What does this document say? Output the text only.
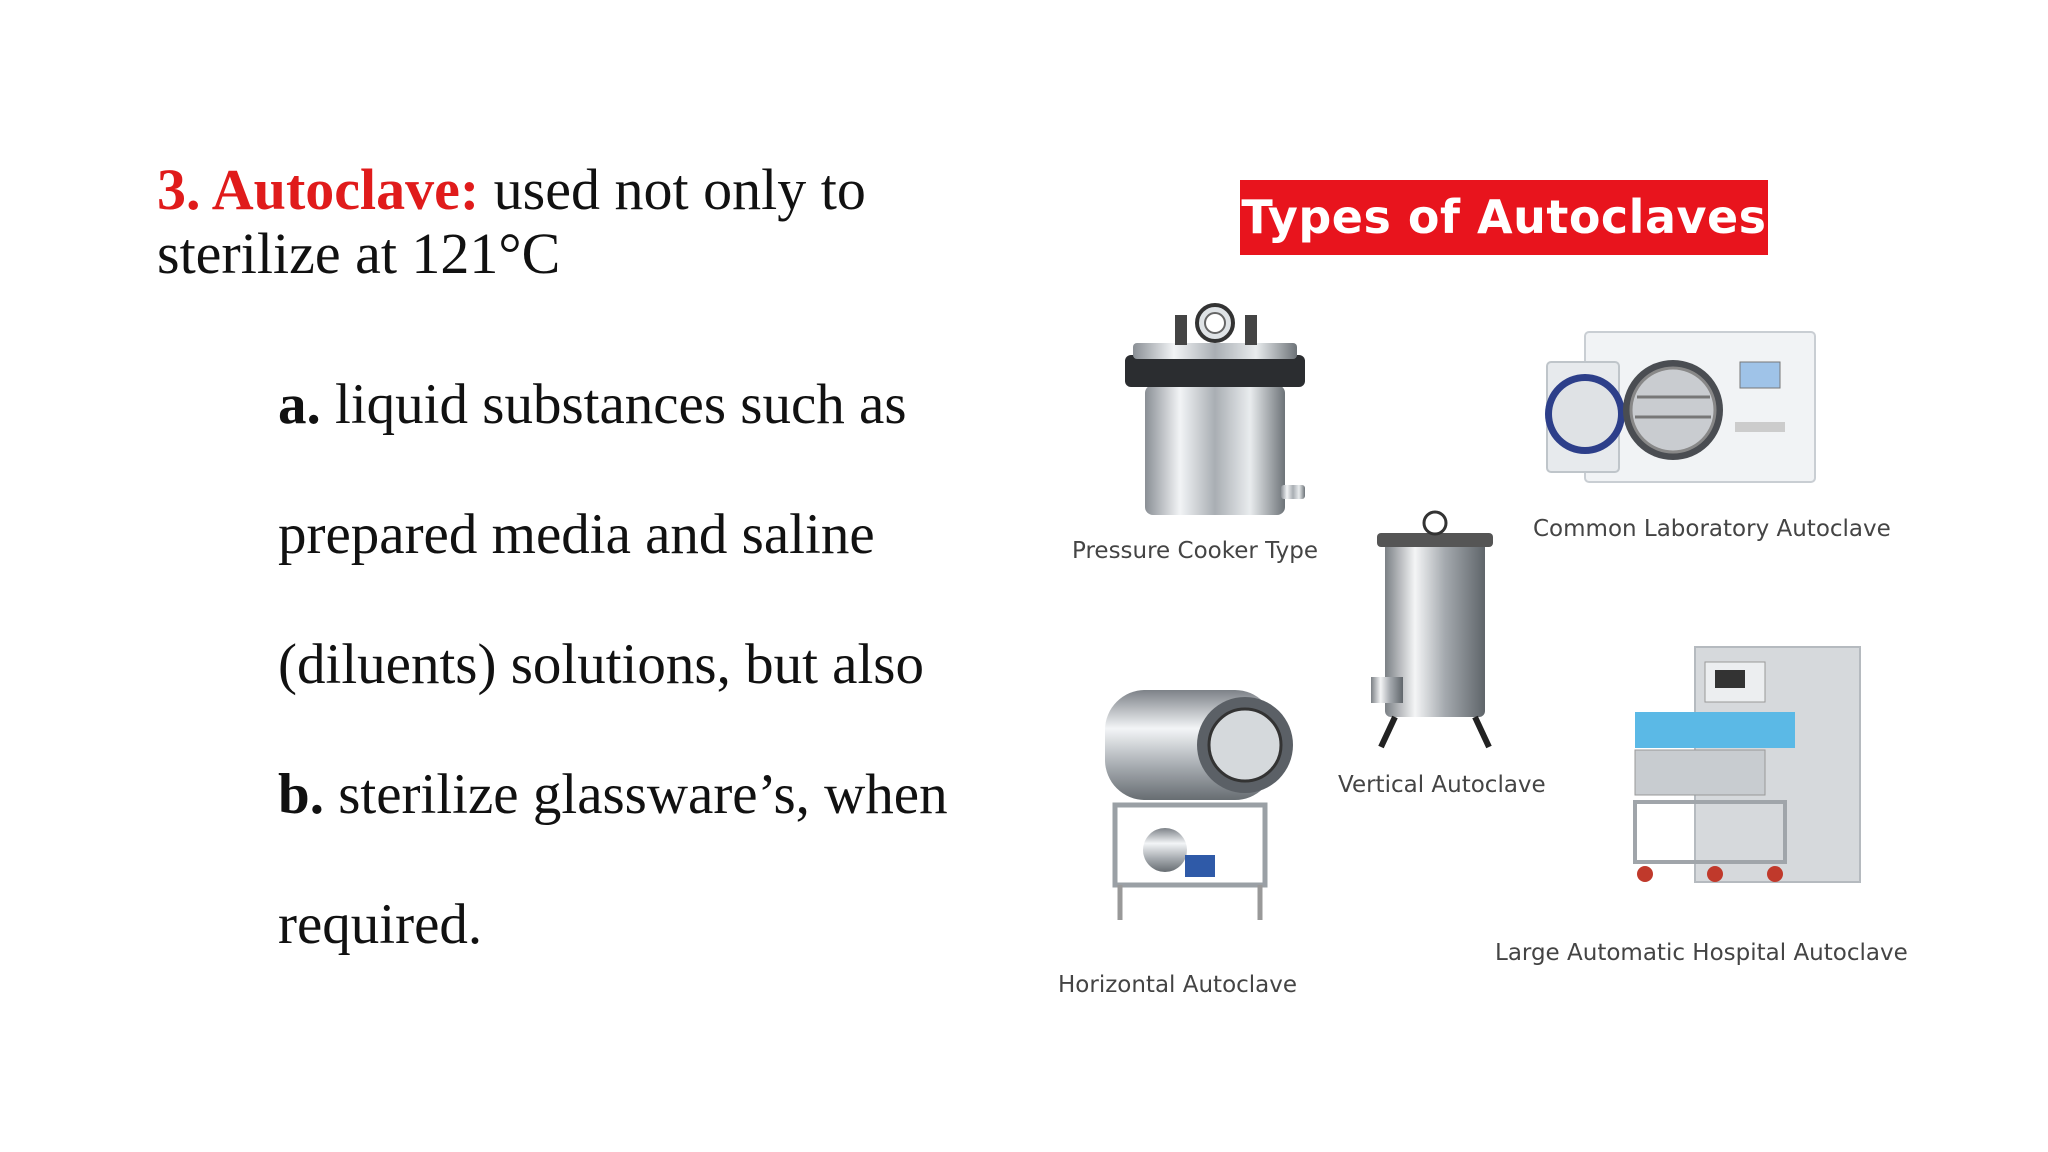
3. Autoclave: used not only to sterilize at 121°C
a. liquid substances such as
prepared media and saline
(diluents) solutions, but also
b. sterilize glassware’s, when
required.
Types of Autoclaves
Pressure Cooker Type
Common Laboratory Autoclave
Vertical Autoclave
Horizontal Autoclave
Large Automatic Hospital Autoclave
